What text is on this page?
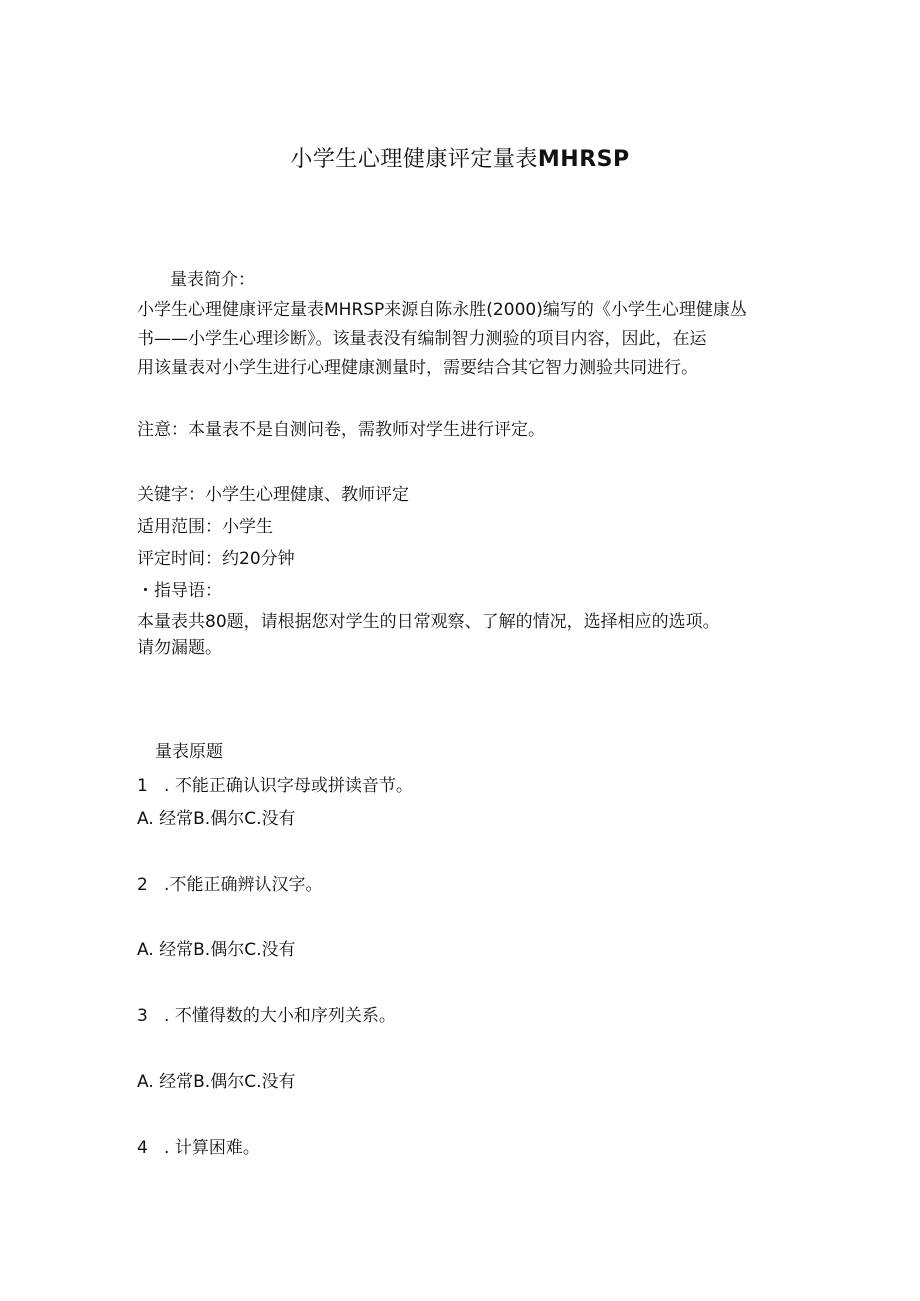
小学生心理健康评定量表MHRSP
量表简介：
小学生心理健康评定量表MHRSP来源自陈永胜(2000)编写的《小学生心理健康丛
书——小学生心理诊断》。该量表没有编制智力测验的项目内容，因此，在运
用该量表对小学生进行心理健康测量时，需要结合其它智力测验共同进行。
注意：本量表不是自测问卷，需教师对学生进行评定。
关键字：小学生心理健康、教师评定
适用范围：小学生
评定时间：约20分钟
・指导语：
本量表共80题，请根据您对学生的日常观察、了解的情况，选择相应的选项。
请勿漏题。
量表原题
1 . 不能正确认识字母或拼读音节。
A. 经常B.偶尔C.没有
2 .不能正确辨认汉字。
A. 经常B.偶尔C.没有
3 . 不懂得数的大小和序列关系。
A. 经常B.偶尔C.没有
4 . 计算困难。
